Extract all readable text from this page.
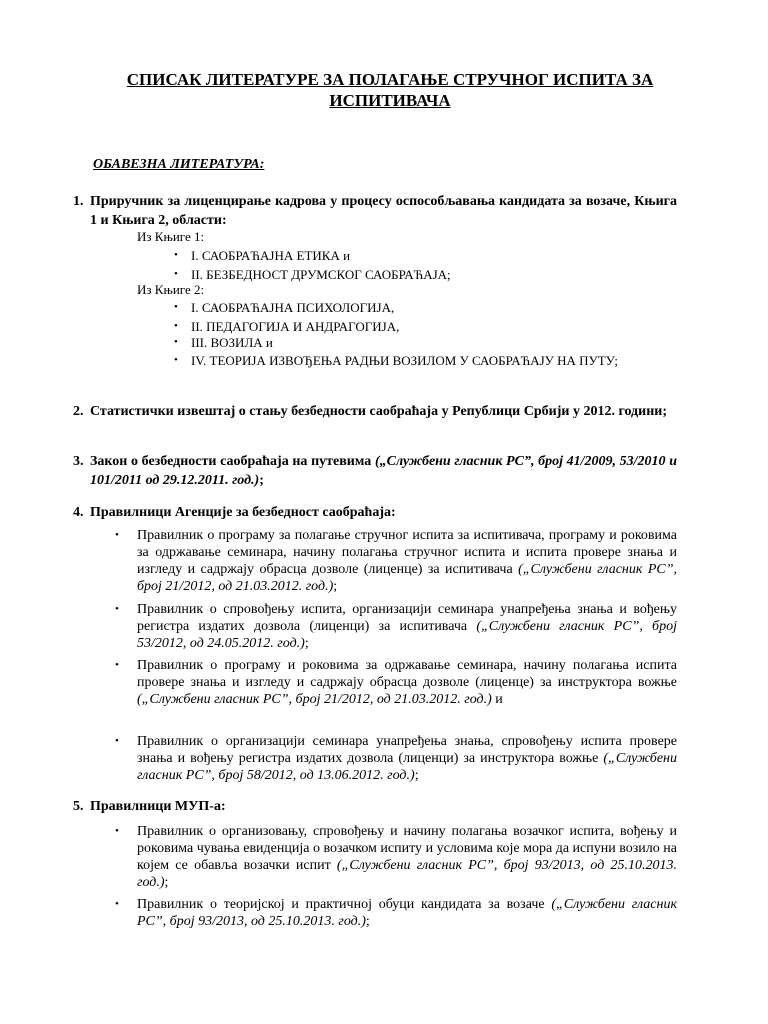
СПИСАК ЛИТЕРАТУРЕ ЗА ПОЛАГАЊЕ СТРУЧНОГ ИСПИТА ЗА
ИСПИТИВАЧА
ОБАВЕЗНА ЛИТЕРАТУРА:
1. Приручник за лиценцирање кадрова у процесу оспособљавања кандидата за возаче, Књига 1 и Књига 2, области:
Из Књиге 1:
• I. САОБРАЋАЈНА ЕТИКА и
• II. БЕЗБЕДНОСТ ДРУМСКОГ САОБРАЋАЈА;
Из Књиге 2:
• I. САОБРАЋАЈНА ПСИХОЛОГИЈА,
• II. ПЕДАГОГИЈА И АНДРАГОГИЈА,
• III. ВОЗИЛА и
• IV. ТЕОРИЈА ИЗВОЂЕЊА РАДЊИ ВОЗИЛОМ У САОБРАЋАЈУ НА ПУТУ;
2. Статистички извештај о стању безбедности саобраћаја у Републици Србији у 2012. години;
3. Закон о безбедности саобраћаја на путевима („Службени гласник РС”, број 41/2009, 53/2010 и 101/2011 од 29.12.2011. год.);
4. Правилници Агенције за безбедност саобраћаја:
• Правилник о програму за полагање стручног испита за испитивача, програму и роковима за одржавање семинара, начину полагања стручног испита и испита провере знања и изгледу и садржају обрасца дозволе (лиценце) за испитивача („Службени гласник РС”, број 21/2012, од 21.03.2012. год.);
• Правилник о спровођењу испита, организацији семинара унапређења знања и вођењу регистра издатих дозвола (лиценци) за испитивача („Службени гласник РС”, број 53/2012, од 24.05.2012. год.);
• Правилник о програму и роковима за одржавање семинара, начину полагања испита провере знања и изгледу и садржају обрасца дозволе (лиценце) за инструктора вожње („Службени гласник РС”, број 21/2012, од 21.03.2012. год.) и
• Правилник о организацији семинара унапређења знања, спровођењу испита провере знања и вођењу регистра издатих дозвола (лиценци) за инструктора вожње („Службени гласник РС”, број 58/2012, од 13.06.2012. год.);
5. Правилници МУП-а:
• Правилник о организовању, спровођењу и начину полагања возачког испита, вођењу и роковима чувања евиденција о возачком испиту и условима које мора да испуни возило на којем се обавља возачки испит („Службени гласник РС”, број 93/2013, од 25.10.2013. год.);
• Правилник о теоријској и практичној обуци кандидата за возаче („Службени гласник РС”, број 93/2013, од 25.10.2013. год.);
